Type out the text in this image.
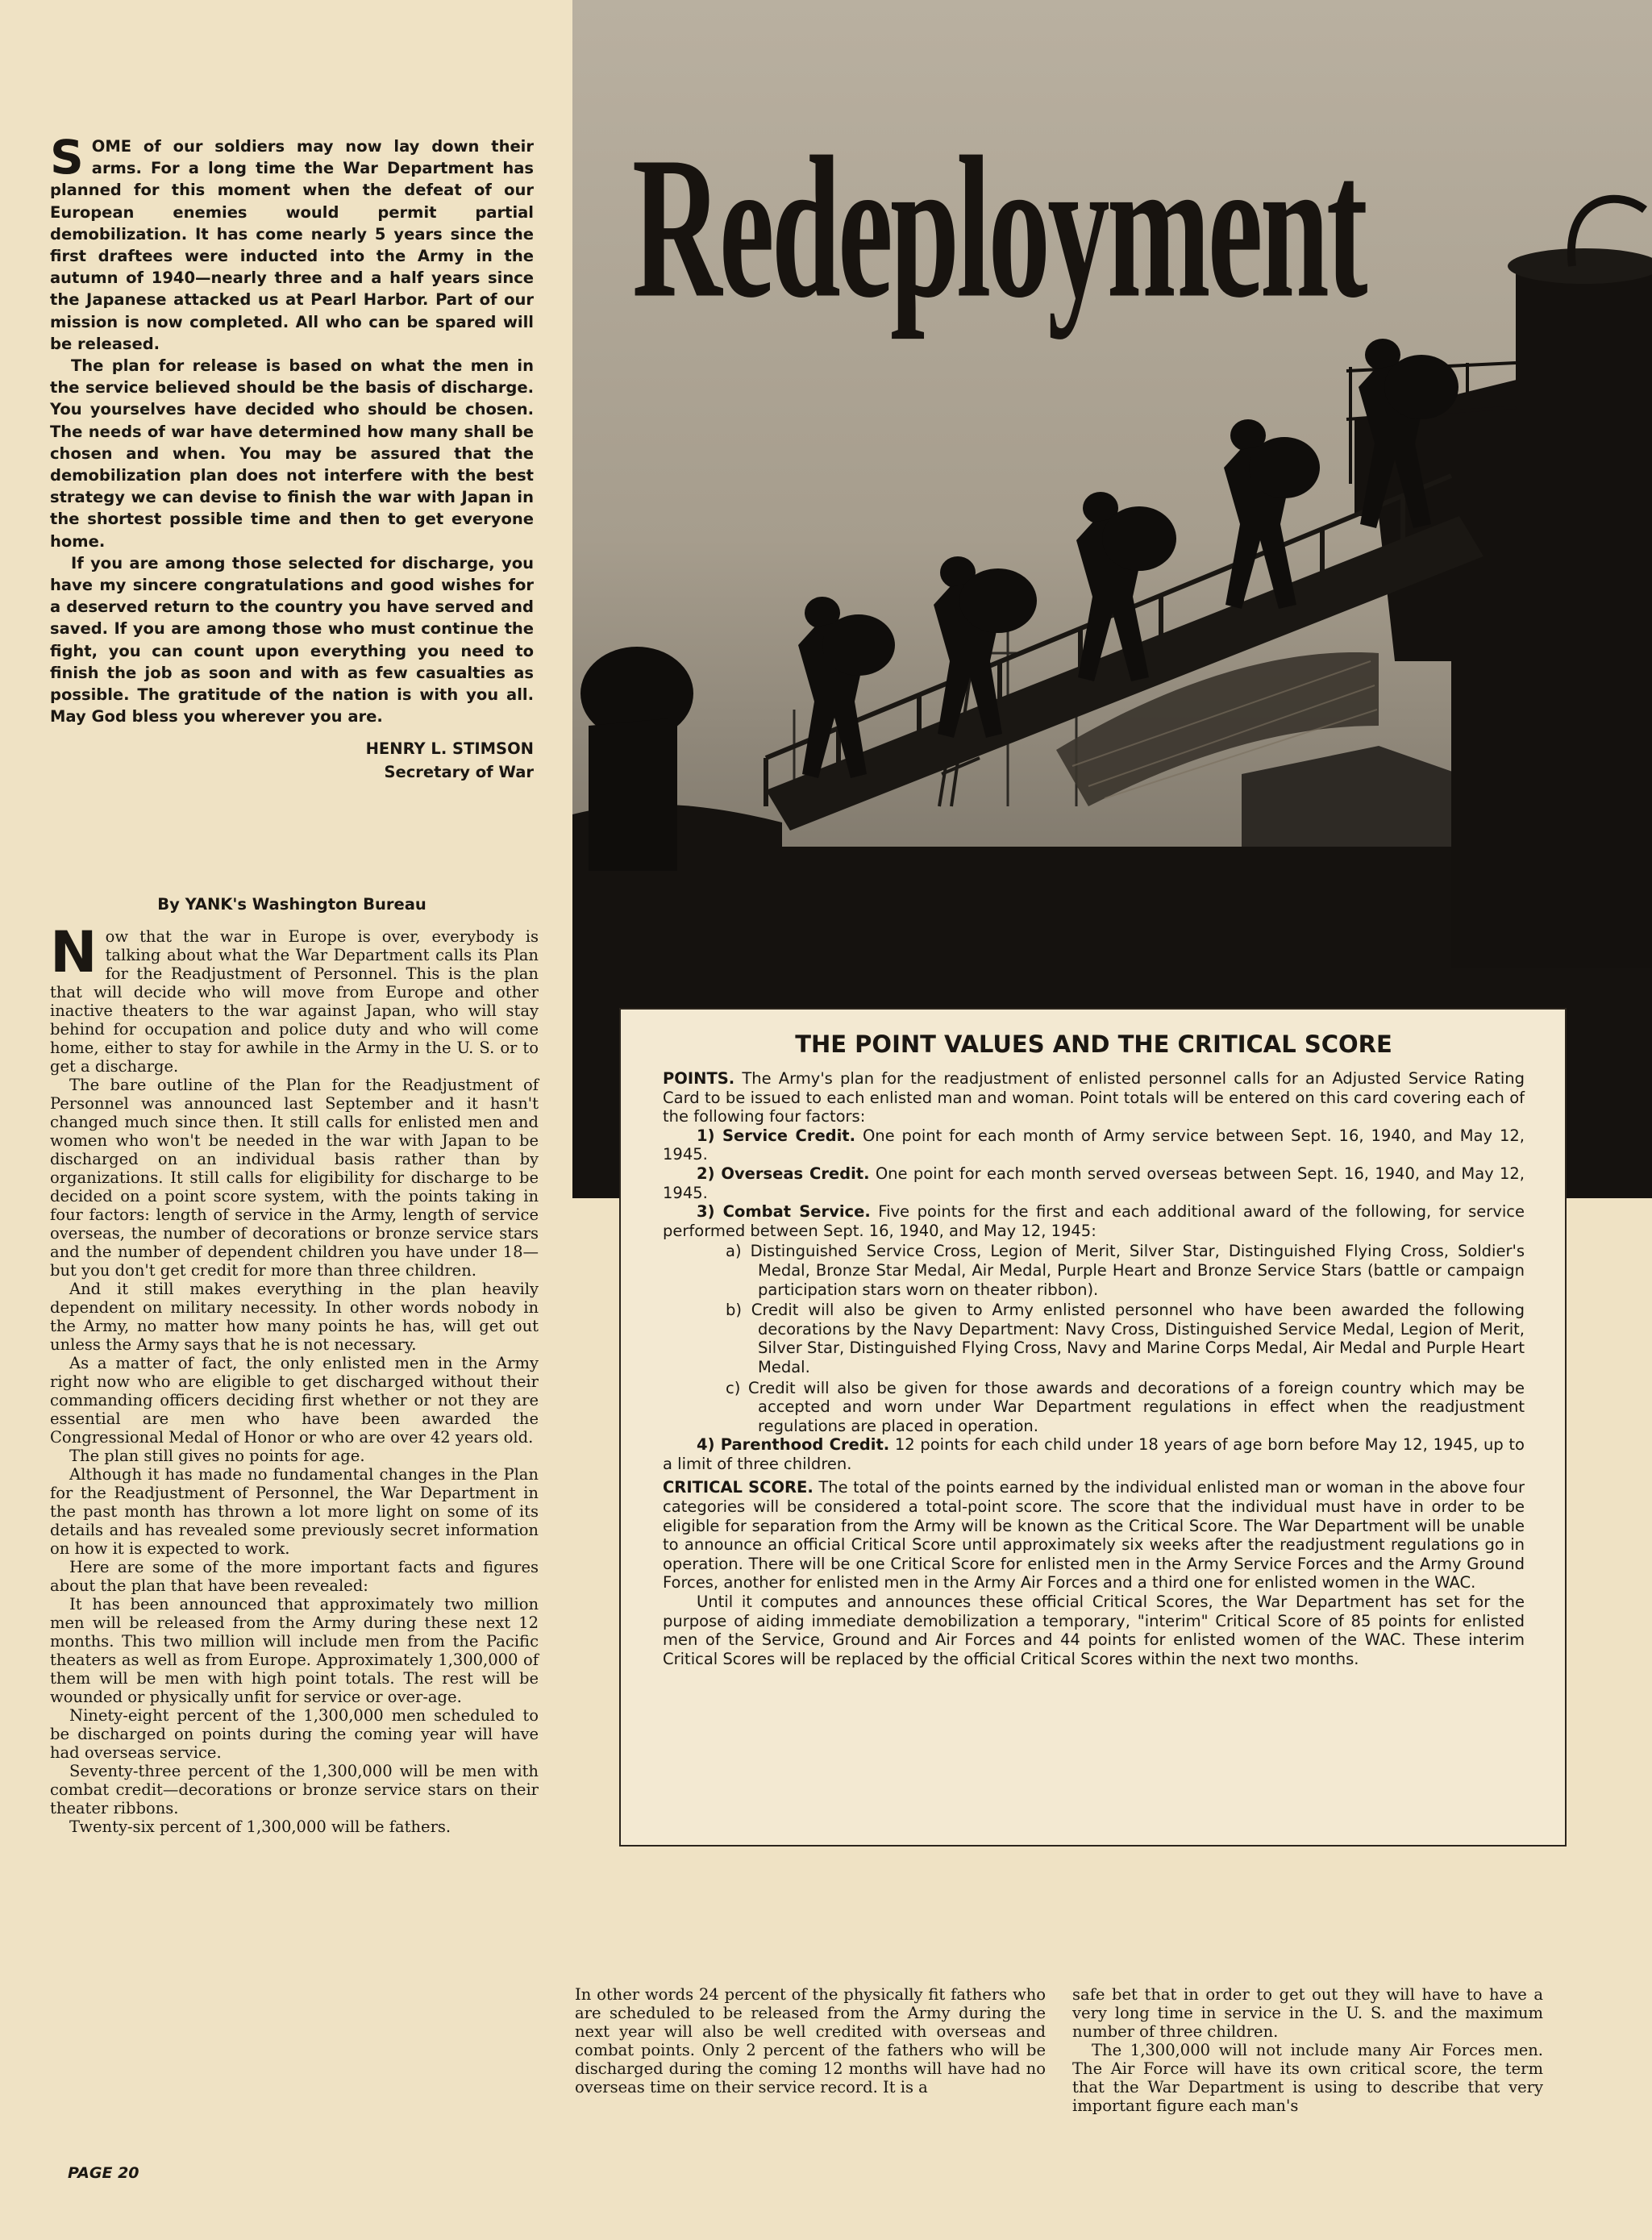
Redeployment

SOME of our soldiers may now lay down their arms. For a long time the War Department has planned for this moment when the defeat of our European enemies would permit partial demobilization. It has come nearly 5 years since the first draftees were inducted into the Army in the autumn of 1940—nearly three and a half years since the Japanese attacked us at Pearl Harbor. Part of our mission is now completed. All who can be spared will be released.

The plan for release is based on what the men in the service believed should be the basis of discharge. You yourselves have decided who should be chosen. The needs of war have determined how many shall be chosen and when. You may be assured that the demobilization plan does not interfere with the best strategy we can devise to finish the war with Japan in the shortest possible time and then to get everyone home.

If you are among those selected for discharge, you have my sincere congratulations and good wishes for a deserved return to the country you have served and saved. If you are among those who must continue the fight, you can count upon everything you need to finish the job as soon and with as few casualties as possible. The gratitude of the nation is with you all. May God bless you wherever you are.

HENRY L. STIMSON
Secretary of War
By YANK's Washington Bureau

Now that the war in Europe is over, everybody is talking about what the War Department calls its Plan for the Readjustment of Personnel. This is the plan that will decide who will move from Europe and other inactive theaters to the war against Japan, who will stay behind for occupation and police duty and who will come home, either to stay for awhile in the Army in the U. S. or to get a discharge.

The bare outline of the Plan for the Readjustment of Personnel was announced last September and it hasn't changed much since then. It still calls for enlisted men and women who won't be needed in the war with Japan to be discharged on an individual basis rather than by organizations. It still calls for eligibility for discharge to be decided on a point score system, with the points taking in four factors: length of service in the Army, length of service overseas, the number of decorations or bronze service stars and the number of dependent children you have under 18—but you don't get credit for more than three children.

And it still makes everything in the plan heavily dependent on military necessity. In other words nobody in the Army, no matter how many points he has, will get out unless the Army says that he is not necessary.

As a matter of fact, the only enlisted men in the Army right now who are eligible to get discharged without their commanding officers deciding first whether or not they are essential are men who have been awarded the Congressional Medal of Honor or who are over 42 years old.

The plan still gives no points for age.

Although it has made no fundamental changes in the Plan for the Readjustment of Personnel, the War Department in the past month has thrown a lot more light on some of its details and has revealed some previously secret information on how it is expected to work.

Here are some of the more important facts and figures about the plan that have been revealed:

It has been announced that approximately two million men will be released from the Army during these next 12 months. This two million will include men from the Pacific theaters as well as from Europe. Approximately 1,300,000 of them will be men with high point totals. The rest will be wounded or physically unfit for service or over-age.

Ninety-eight percent of the 1,300,000 men scheduled to be discharged on points during the coming year will have had overseas service.

Seventy-three percent of the 1,300,000 will be men with combat credit—decorations or bronze service stars on their theater ribbons.

Twenty-six percent of 1,300,000 will be fathers.

In other words 24 percent of the physically fit fathers who are scheduled to be released from the Army during the next year will also be well credited with overseas and combat points. Only 2 percent of the fathers who will be discharged during the coming 12 months will have had no overseas time on their service record. It is a

safe bet that in order to get out they will have to have a very long time in service in the U. S. and the maximum number of three children.

The 1,300,000 will not include many Air Forces men. The Air Force will have its own critical score, the term that the War Department is using to describe that very important figure each man's

THE POINT VALUES AND THE CRITICAL SCORE

POINTS. The Army's plan for the readjustment of enlisted personnel calls for an Adjusted Service Rating Card to be issued to each enlisted man and woman. Point totals will be entered on this card covering each of the following four factors:

1) Service Credit. One point for each month of Army service between Sept. 16, 1940, and May 12, 1945.

2) Overseas Credit. One point for each month served overseas between Sept. 16, 1940, and May 12, 1945.

3) Combat Service. Five points for the first and each additional award of the following, for service performed between Sept. 16, 1940, and May 12, 1945:

a) Distinguished Service Cross, Legion of Merit, Silver Star, Distinguished Flying Cross, Soldier's Medal, Bronze Star Medal, Air Medal, Purple Heart and Bronze Service Stars (battle or campaign participation stars worn on theater ribbon).

b) Credit will also be given to Army enlisted personnel who have been awarded the following decorations by the Navy Department: Navy Cross, Distinguished Service Medal, Legion of Merit, Silver Star, Distinguished Flying Cross, Navy and Marine Corps Medal, Air Medal and Purple Heart Medal.

c) Credit will also be given for those awards and decorations of a foreign country which may be accepted and worn under War Department regulations in effect when the readjustment regulations are placed in operation.

4) Parenthood Credit. 12 points for each child under 18 years of age born before May 12, 1945, up to a limit of three children.

CRITICAL SCORE. The total of the points earned by the individual enlisted man or woman in the above four categories will be considered a total-point score. The score that the individual must have in order to be eligible for separation from the Army will be known as the Critical Score. The War Department will be unable to announce an official Critical Score until approximately six weeks after the readjustment regulations go in operation. There will be one Critical Score for enlisted men in the Army Service Forces and the Army Ground Forces, another for enlisted men in the Army Air Forces and a third one for enlisted women in the WAC.

Until it computes and announces these official Critical Scores, the War Department has set for the purpose of aiding immediate demobilization a temporary, "interim" Critical Score of 85 points for enlisted men of the Service, Ground and Air Forces and 44 points for enlisted women of the WAC. These interim Critical Scores will be replaced by the official Critical Scores within the next two months.

PAGE 20
